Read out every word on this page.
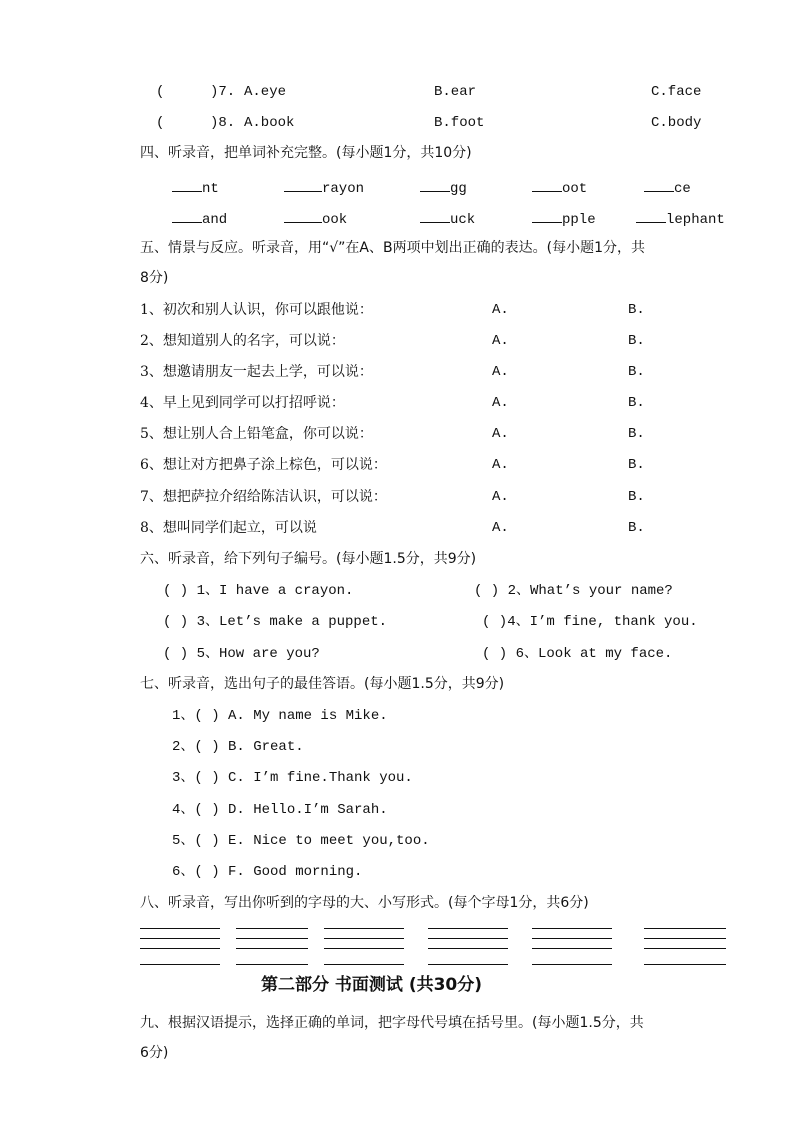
(	)7. A.eye	B.ear	C.face
(	)8. A.book	B.foot	C.body
四、听录音，把单词补充完整。(每小题1分，共10分)
nt	rayon	gg	oot	ce
and	ook	uck	pple	lephant
五、情景与反应。听录音，用“√”在A、B两项中划出正确的表达。(每小题1分，共
8分)
1、初次和别人认识，你可以跟他说：	A.	B.
2、想知道别人的名字，可以说：	A.	B.
3、想邀请朋友一起去上学，可以说：	A.	B.
4、早上见到同学可以打招呼说：	A.	B.
5、想让别人合上铅笔盒，你可以说：	A.	B.
6、想让对方把鼻子涂上棕色，可以说：	A.	B.
7、想把萨拉介绍给陈洁认识，可以说：	A.	B.
8、想叫同学们起立，可以说	A.	B.
六、听录音，给下列句子编号。(每小题1.5分，共9分)
( ) 1、I have a crayon.	( ) 2、What’s your name?
( ) 3、Let’s make a puppet.	( )4、I’m fine, thank you.
( ) 5、How are you?	( ) 6、Look at my face.
七、听录音，选出句子的最佳答语。(每小题1.5分，共9分)
1、( ) A. My name is Mike.
2、( ) B. Great.
3、( ) C. I’m fine.Thank you.
4、( ) D. Hello.I’m Sarah.
5、( ) E. Nice to meet you,too.
6、( ) F. Good morning.
八、听录音，写出你听到的字母的大、小写形式。(每个字母1分，共6分)
第二部分 书面测试 (共30分)
九、根据汉语提示，选择正确的单词，把字母代号填在括号里。(每小题1.5分，共
6分)
